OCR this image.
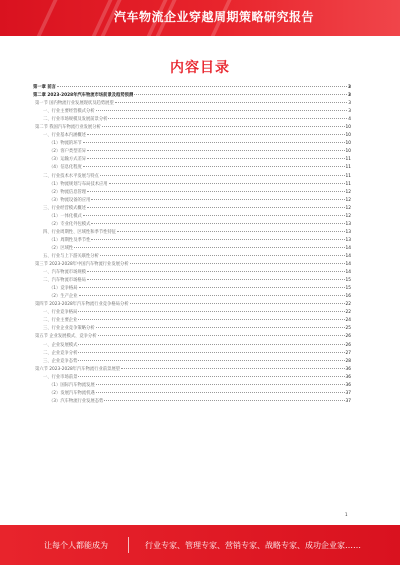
汽车物流企业穿越周期策略研究报告
内容目录
第一章 前言	3
第二章 2023-2028年汽车物流市场前景及趋势预测	3
第一节 国内物流行业发展现状及趋势展望	3
一、行业主要经营模式分析	3
二、行业市场规模及发展前景分析	4
第二节 我国汽车物流行业发展分析	10
一、行业基本内涵概述	10
（1）物流的环节	10
（2）客户类型差异	10
（3）运输方式差异	11
（4）信息化程度	11
二、行业技术水平发展与特点	11
（1）物流规划与布局技术应用	11
（2）物流信息管理	12
（3）物流设备的应用	12
三、行业经营模式概述	12
（1）一体化模式	12
（2）专业化外包模式	13
四、行业周期性、区域性和季节性特征	13
（1）周期性及季节性	13
（2）区域性	14
五、行业与上下游关联性分析	14
第三节 2023-2028年中国汽车物流行业发展分析	14
一、汽车物流市场规模	14
二、汽车物流市场格局	15
（1）竞争格局	15
（2）生产企业	16
第四节 2023-2028年汽车物流行业竞争格局分析	22
一、行业竞争格局	22
二、行业主要企业	24
三、行业企业竞争策略分析	25
第五节 企业发展模式、竞争分析	26
一、企业发展模式	26
二、企业竞争分析	27
三、企业竞争态势	28
第六节 2023-2028年汽车物流行业前景展望	36
一、行业市场前景	36
（1）国际汽车物流发展	36
（2）发展汽车物流机遇	37
（3）汽车物流行业发展态势	37
1
让每个人都能成为	行业专家、管理专家、营销专家、战略专家、成功企业家……
